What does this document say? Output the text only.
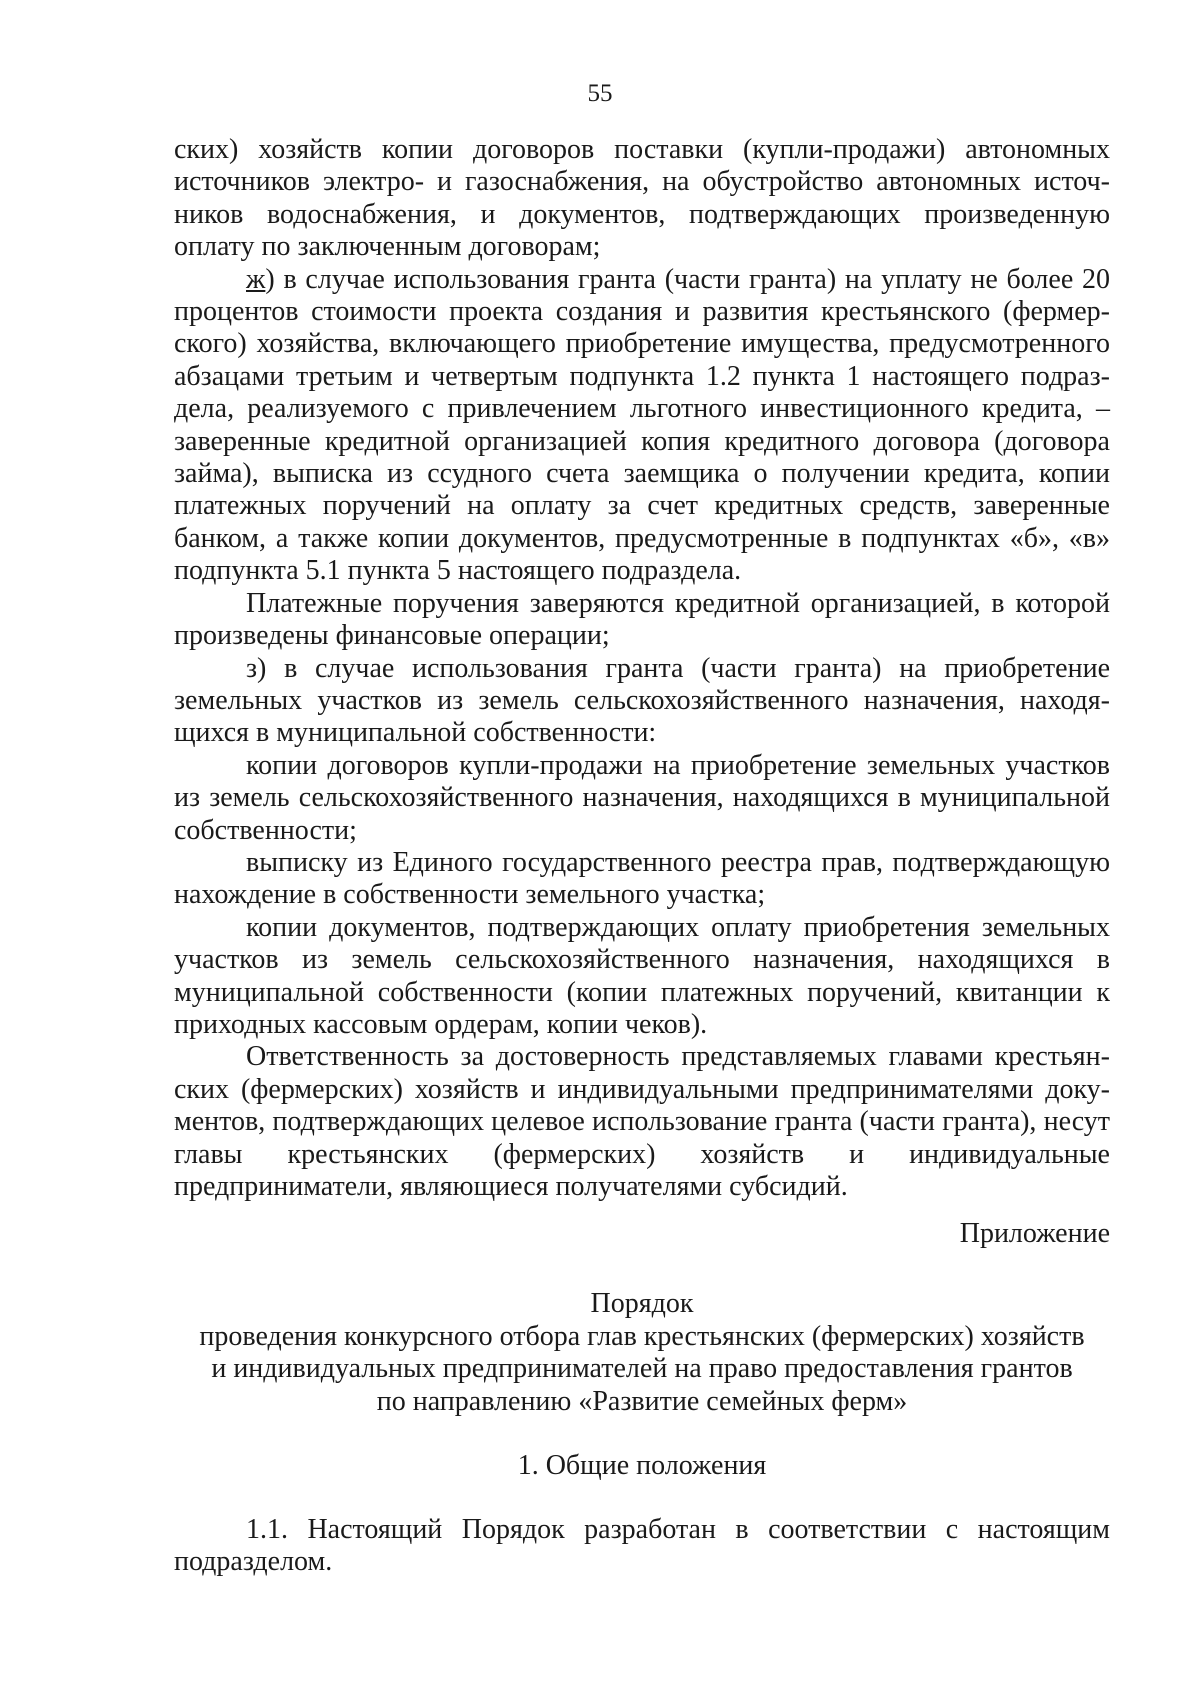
55

ских) хозяйств копии договоров поставки (купли-продажи) автономных источников электро- и газоснабжения, на обустройство автономных источников водоснабжения, и документов, подтверждающих произведенную оплату по заключенным договорам;

ж) в случае использования гранта (части гранта) на уплату не более 20 процентов стоимости проекта создания и развития крестьянского (фермерского) хозяйства, включающего приобретение имущества, предусмотренного абзацами третьим и четвертым подпункта 1.2 пункта 1 настоящего подраздела, реализуемого с привлечением льготного инвестиционного кредита, – заверенные кредитной организацией копия кредитного договора (договора займа), выписка из ссудного счета заемщика о получении кредита, копии платежных поручений на оплату за счет кредитных средств, заверенные банком, а также копии документов, предусмотренные в подпунктах «б», «в» подпункта 5.1 пункта 5 настоящего подраздела.

Платежные поручения заверяются кредитной организацией, в которой произведены финансовые операции;

з) в случае использования гранта (части гранта) на приобретение земельных участков из земель сельскохозяйственного назначения, находящихся в муниципальной собственности:

копии договоров купли-продажи на приобретение земельных участков из земель сельскохозяйственного назначения, находящихся в муниципальной собственности;

выписку из Единого государственного реестра прав, подтверждающую нахождение в собственности земельного участка;

копии документов, подтверждающих оплату приобретения земельных участков из земель сельскохозяйственного назначения, находящихся в муниципальной собственности (копии платежных поручений, квитанции к приходных кассовым ордерам, копии чеков).

Ответственность за достоверность представляемых главами крестьянских (фермерских) хозяйств и индивидуальными предпринимателями документов, подтверждающих целевое использование гранта (части гранта), несут главы крестьянских (фермерских) хозяйств и индивидуальные предприниматели, являющиеся получателями субсидий.

Приложение
Порядок
проведения конкурсного отбора глав крестьянских (фермерских) хозяйств
и индивидуальных предпринимателей на право предоставления грантов
по направлению «Развитие семейных ферм»
1. Общие положения

1.1. Настоящий Порядок разработан в соответствии с настоящим подразделом.
